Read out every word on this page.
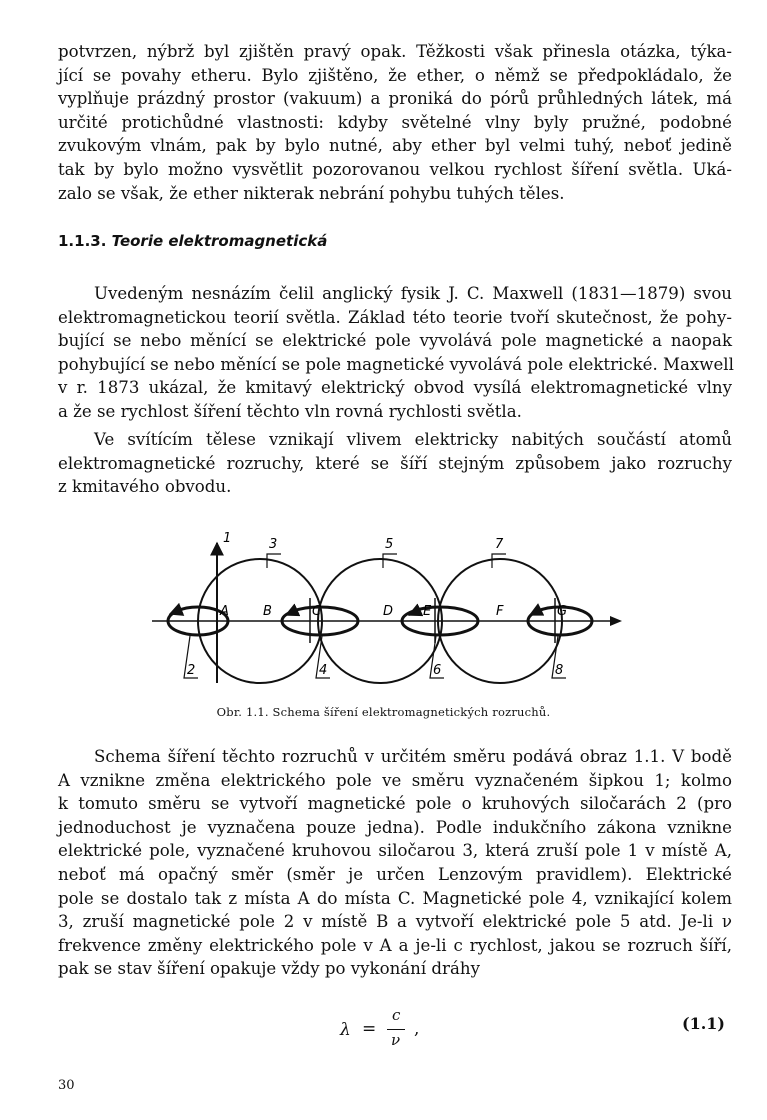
potvrzen, nýbrž byl zjištěn pravý opak. Těžkosti však přinesla otázka, týka-
jící se povahy etheru. Bylo zjištěno, že ether, o němž se předpokládalo, že
vyplňuje prázdný prostor (vakuum) a proniká do pórů průhledných látek, má
určité protichůdné vlastnosti: kdyby světelné vlny byly pružné, podobné
zvukovým vlnám, pak by bylo nutné, aby ether byl velmi tuhý, neboť jedině
tak by bylo možno vysvětlit pozorovanou velkou rychlost šíření světla. Uká-
zalo se však, že ether nikterak nebrání pohybu tuhých těles.
1.1.3. Teorie elektromagnetická
Uvedeným nesnázím čelil anglický fysik J. C. Maxwell (1831—1879) svou
elektromagnetickou teorií světla. Základ této teorie tvoří skutečnost, že pohy-
bující se nebo měnící se elektrické pole vyvolává pole magnetické a naopak
pohybující se nebo měnící se pole magnetické vyvolává pole elektrické. Maxwell
v r. 1873 ukázal, že kmitavý elektrický obvod vysílá elektromagnetické vlny
a že se rychlost šíření těchto vln rovná rychlosti světla.
Ve svítícím tělese vznikají vlivem elektricky nabitých součástí atomů
elektromagnetické rozruchy, které se šíří stejným způsobem jako rozruchy
z kmitavého obvodu.
1	3	5	7
2	4	6	8
A	B	C	D E	F	G

Obr. 1.1. Schema šíření elektromagnetických rozruchů.

Schema šíření těchto rozruchů v určitém směru podává obraz 1.1. V bodě
A vznikne změna elektrického pole ve směru vyznačeném šipkou 1; kolmo
k tomuto směru se vytvoří magnetické pole o kruhových siločarách 2 (pro
jednoduchost je vyznačena pouze jedna). Podle indukčního zákona vznikne
elektrické pole, vyznačené kruhovou siločarou 3, která zruší pole 1 v místě A,
neboť má opačný směr (směr je určen Lenzovým pravidlem). Elektrické
pole se dostalo tak z místa A do místa C. Magnetické pole 4, vznikající kolem
3, zruší magnetické pole 2 v místě B a vytvoří elektrické pole 5 atd. Je-li ν
frekvence změny elektrického pole v A a je-li c rychlost, jakou se rozruch šíří,
pak se stav šíření opakuje vždy po vykonání dráhy
λ =
c
ν
,	(1.1)
30
